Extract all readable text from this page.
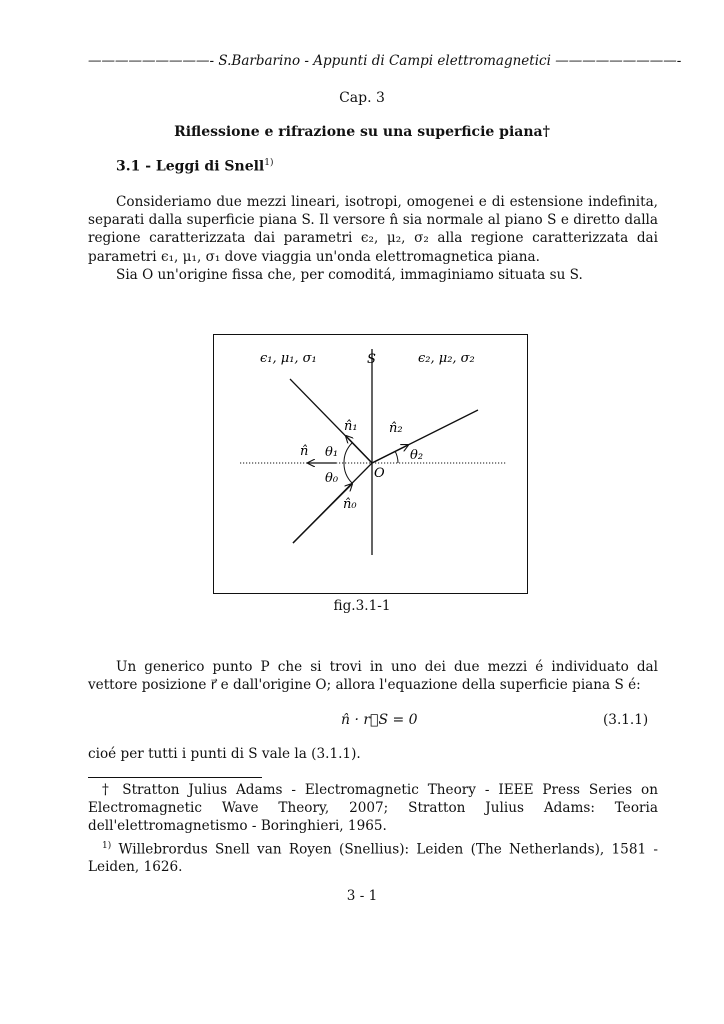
—————————- S.Barbarino - Appunti di Campi elettromagnetici —————————-
Cap. 3
Riflessione e rifrazione su una superficie piana†
3.1 - Leggi di Snell$^{1)}$

Consideriamo due mezzi lineari, isotropi, omogenei e di estensione indefinita, separati dalla superficie piana S. Il versore n̂ sia normale al piano S e diretto dalla regione caratterizzata dai parametri ϵ₂, μ₂, σ₂ alla regione caratterizzata dai parametri ϵ₁, μ₁, σ₁ dove viaggia un'onda elettromagnetica piana.

Sia O un'origine fissa che, per comoditá, immaginiamo situata su S.

ϵ₁, μ₁, σ₁	S	ϵ₂, μ₂, σ₂
n̂₁ n̂₂
n̂ θ₁	θ₂
O
θ₀
n̂₀
fig.3.1-1

Un generico punto P che si trovi in uno dei due mezzi é individuato dal vettore posizione r⃗ e dall'origine O; allora l'equazione della superficie piana S é:

n̂ · r⃗S = 0	(3.1.1)
cioé per tutti i punti di S vale la (3.1.1).

† Stratton Julius Adams - Electromagnetic Theory - IEEE Press Series on Electromagnetic Wave Theory, 2007; Stratton Julius Adams: Teoria dell'elettromagnetismo - Boringhieri, 1965.

$^{1)}$ Willebrordus Snell van Royen (Snellius): Leiden (The Netherlands), 1581 - Leiden, 1626.

3 - 1
